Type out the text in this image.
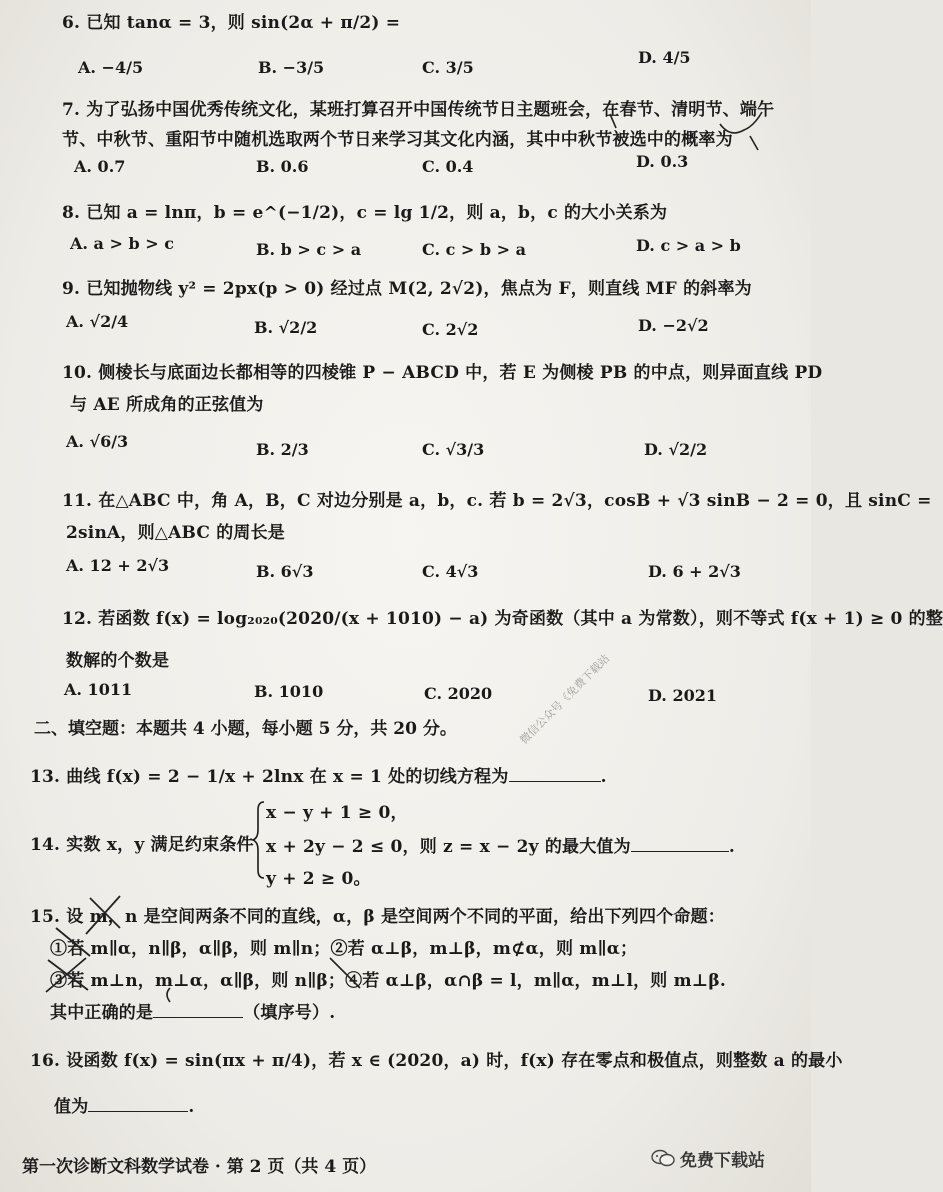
6. 已知 tanα = 3，则 sin(2α + π/2) =
A. −4/5	B. −3/5	C. 3/5
D. 4/5
7. 为了弘扬中国优秀传统文化，某班打算召开中国传统节日主题班会，在春节、清明节、端午
节、中秋节、重阳节中随机选取两个节日来学习其文化内涵，其中中秋节被选中的概率为
A. 0.7	B. 0.6	C. 0.4	D. 0.3
8. 已知 a = lnπ，b = e^(−1/2)，c = lg 1/2，则 a，b，c 的大小关系为
A. a > b > c	B. b > c > a	C. c > b > a	D. c > a > b
9. 已知抛物线 y² = 2px(p > 0) 经过点 M(2, 2√2)，焦点为 F，则直线 MF 的斜率为
A. √2/4	B. √2/2	C. 2√2	D. −2√2
10. 侧棱长与底面边长都相等的四棱锥 P − ABCD 中，若 E 为侧棱 PB 的中点，则异面直线 PD
与 AE 所成角的正弦值为
A. √6/3	B. 2/3	C. √3/3	D. √2/2
11. 在△ABC 中，角 A，B，C 对边分别是 a，b，c. 若 b = 2√3，cosB + √3 sinB − 2 = 0，且 sinC =
2sinA，则△ABC 的周长是
A. 12 + 2√3	B. 6√3	C. 4√3	D. 6 + 2√3
12. 若函数 f(x) = log₂₀₂₀(2020/(x + 1010) − a) 为奇函数（其中 a 为常数），则不等式 f(x + 1) ≥ 0 的整
数解的个数是
A. 1011	B. 1010	C. 2020	D. 2021
微信公众号《免费下载站
二、填空题：本题共 4 小题，每小题 5 分，共 20 分。
13. 曲线 f(x) = 2 − 1/x + 2lnx 在 x = 1 处的切线方程为	.
14. 实数 x，y 满足约束条件
x − y + 1 ≥ 0，
x + 2y − 2 ≤ 0，则 z = x − 2y 的最大值为	.
y + 2 ≥ 0。
15. 设 m，n 是空间两条不同的直线，α，β 是空间两个不同的平面，给出下列四个命题：
①若 m∥α，n∥β，α∥β，则 m∥n；②若 α⊥β，m⊥β，m⊄α，则 m∥α；
③若 m⊥n，m⊥α，α∥β，则 n∥β；④若 α⊥β，α∩β = l，m∥α，m⊥l，则 m⊥β.
其中正确的是	（填序号）.
16. 设函数 f(x) = sin(πx + π/4)，若 x ∈ (2020，a) 时，f(x) 存在零点和极值点，则整数 a 的最小
值为	.
第一次诊断文科数学试卷 · 第 2 页（共 4 页）	免费下载站
